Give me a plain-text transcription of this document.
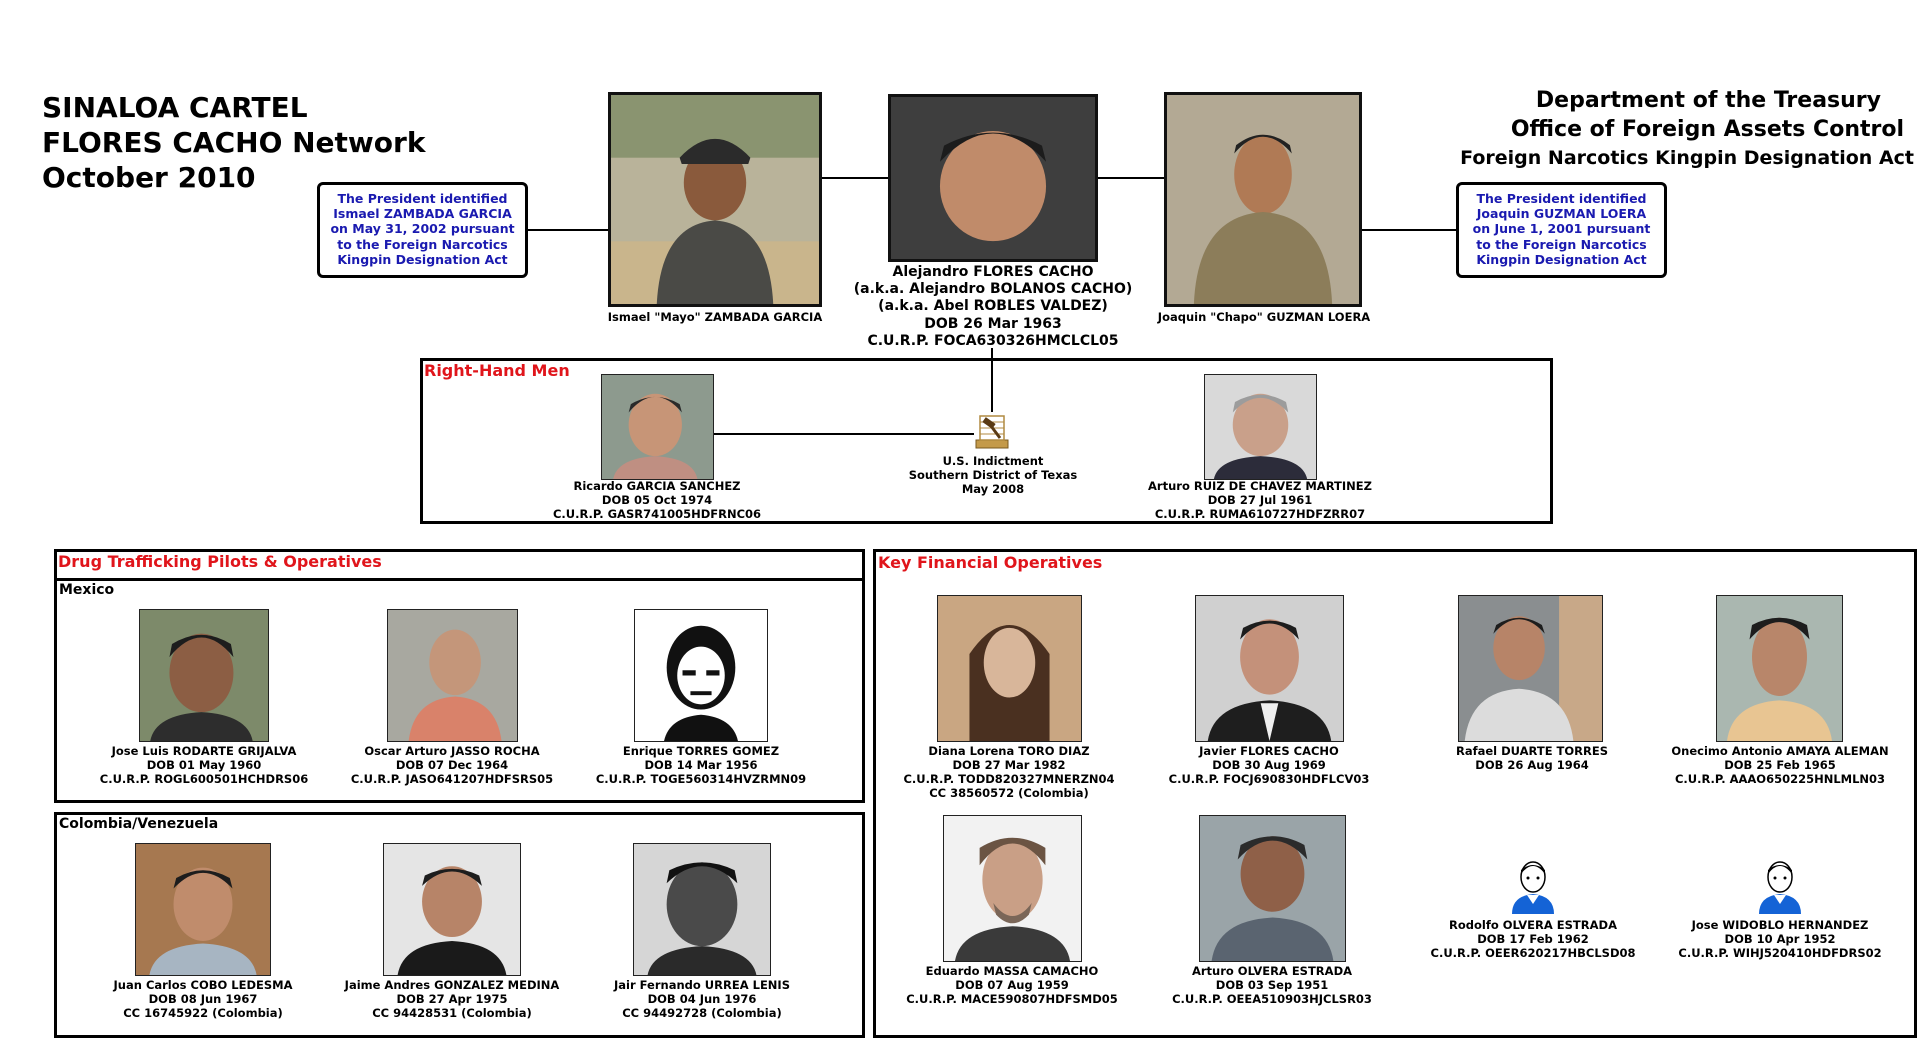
SINALOA CARTEL
FLORES CACHO Network
October 2010
Department of the Treasury
Office of Foreign Assets Control
Foreign Narcotics Kingpin Designation Act
The President identified
Ismael ZAMBADA GARCIA
on May 31, 2002 pursuant
to the Foreign Narcotics
Kingpin Designation Act
The President identified
Joaquin GUZMAN LOERA
on June 1, 2001 pursuant
to the Foreign Narcotics
Kingpin Designation Act
Ismael "Mayo" ZAMBADA GARCIA
Alejandro FLORES CACHO
(a.k.a. Alejandro BOLANOS CACHO)
(a.k.a. Abel ROBLES VALDEZ)
DOB 26 Mar 1963
C.U.R.P. FOCA630326HMCLCL05
Joaquin "Chapo" GUZMAN LOERA
Right-Hand Men
Ricardo GARCIA SANCHEZ
DOB 05 Oct 1974
C.U.R.P. GASR741005HDFRNC06
U.S. Indictment
Southern District of Texas
May 2008	Arturo RUIZ DE CHAVEZ MARTINEZ
DOB 27 Jul 1961
C.U.R.P. RUMA610727HDFZRR07
Drug Trafficking Pilots & Operatives
Mexico
Colombia/Venezuela
Jose Luis RODARTE GRIJALVA
DOB 01 May 1960
C.U.R.P. ROGL600501HCHDRS06
Oscar Arturo JASSO ROCHA
DOB 07 Dec 1964
C.U.R.P. JASO641207HDFSRS05
Enrique TORRES GOMEZ
DOB 14 Mar 1956
C.U.R.P. TOGE560314HVZRMN09
Juan Carlos COBO LEDESMA
DOB 08 Jun 1967
CC 16745922 (Colombia)
Jaime Andres GONZALEZ MEDINA
DOB 27 Apr 1975
CC 94428531 (Colombia)
Jair Fernando URREA LENIS
DOB 04 Jun 1976
CC 94492728 (Colombia)
Key Financial Operatives
Diana Lorena TORO DIAZ
DOB 27 Mar 1982
C.U.R.P. TODD820327MNERZN04
CC 38560572 (Colombia)
Javier FLORES CACHO
DOB 30 Aug 1969
C.U.R.P. FOCJ690830HDFLCV03
Rafael DUARTE TORRES
DOB 26 Aug 1964
Onecimo Antonio AMAYA ALEMAN
DOB 25 Feb 1965
C.U.R.P. AAAO650225HNLMLN03
Eduardo MASSA CAMACHO
DOB 07 Aug 1959
C.U.R.P. MACE590807HDFSMD05
Arturo OLVERA ESTRADA
DOB 03 Sep 1951
C.U.R.P. OEEA510903HJCLSR03
Rodolfo OLVERA ESTRADA
DOB 17 Feb 1962
C.U.R.P. OEER620217HBCLSD08
Jose WIDOBLO HERNANDEZ
DOB 10 Apr 1952
C.U.R.P. WIHJ520410HDFDRS02
